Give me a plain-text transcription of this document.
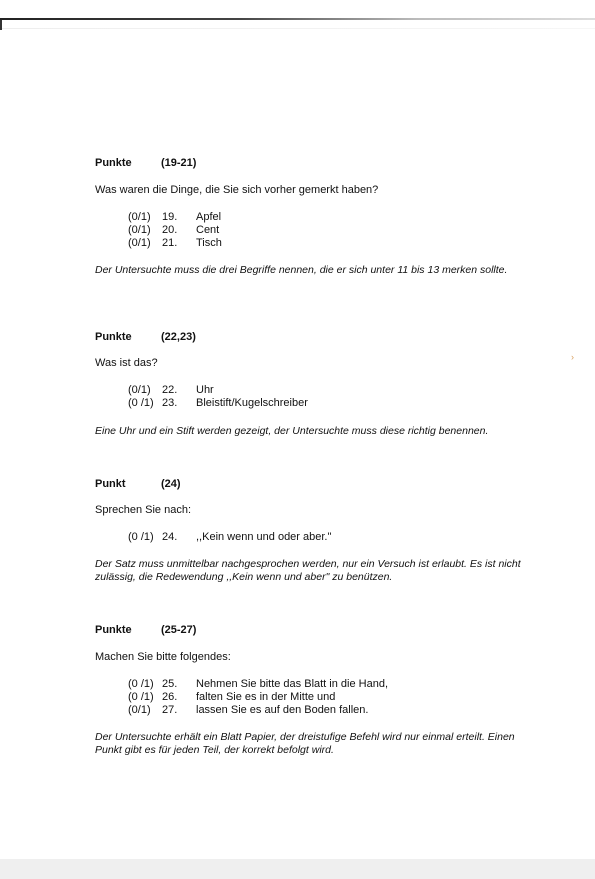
Punkte	(19-21)
Was waren die Dinge, die Sie sich vorher gemerkt haben?
(0/1) 19. Apfel
(0/1) 20. Cent
(0/1) 21. Tisch
Der Untersuchte muss die drei Begriffe nennen, die er sich unter 11 bis 13 merken sollte.
Punkte	(22,23)
Was ist das?
(0/1) 22. Uhr
(0 /1) 23. Bleistift/Kugelschreiber
Eine Uhr und ein Stift werden gezeigt, der Untersuchte muss diese richtig benennen.
Punkt	(24)
Sprechen Sie nach:
(0 /1) 24. ,,Kein wenn und oder aber."
Der Satz muss unmittelbar nachgesprochen werden, nur ein Versuch ist erlaubt. Es ist nicht zulässig, die Redewendung ,,Kein wenn und aber" zu benützen.
Punkte	(25-27)
Machen Sie bitte folgendes:
(0 /1) 25. Nehmen Sie bitte das Blatt in die Hand,
(0 /1) 26. falten Sie es in der Mitte und
(0/1) 27. lassen Sie es auf den Boden fallen.
Der Untersuchte erhält ein Blatt Papier, der dreistufige Befehl wird nur einmal erteilt. Einen Punkt gibt es für jeden Teil, der korrekt befolgt wird.
›
